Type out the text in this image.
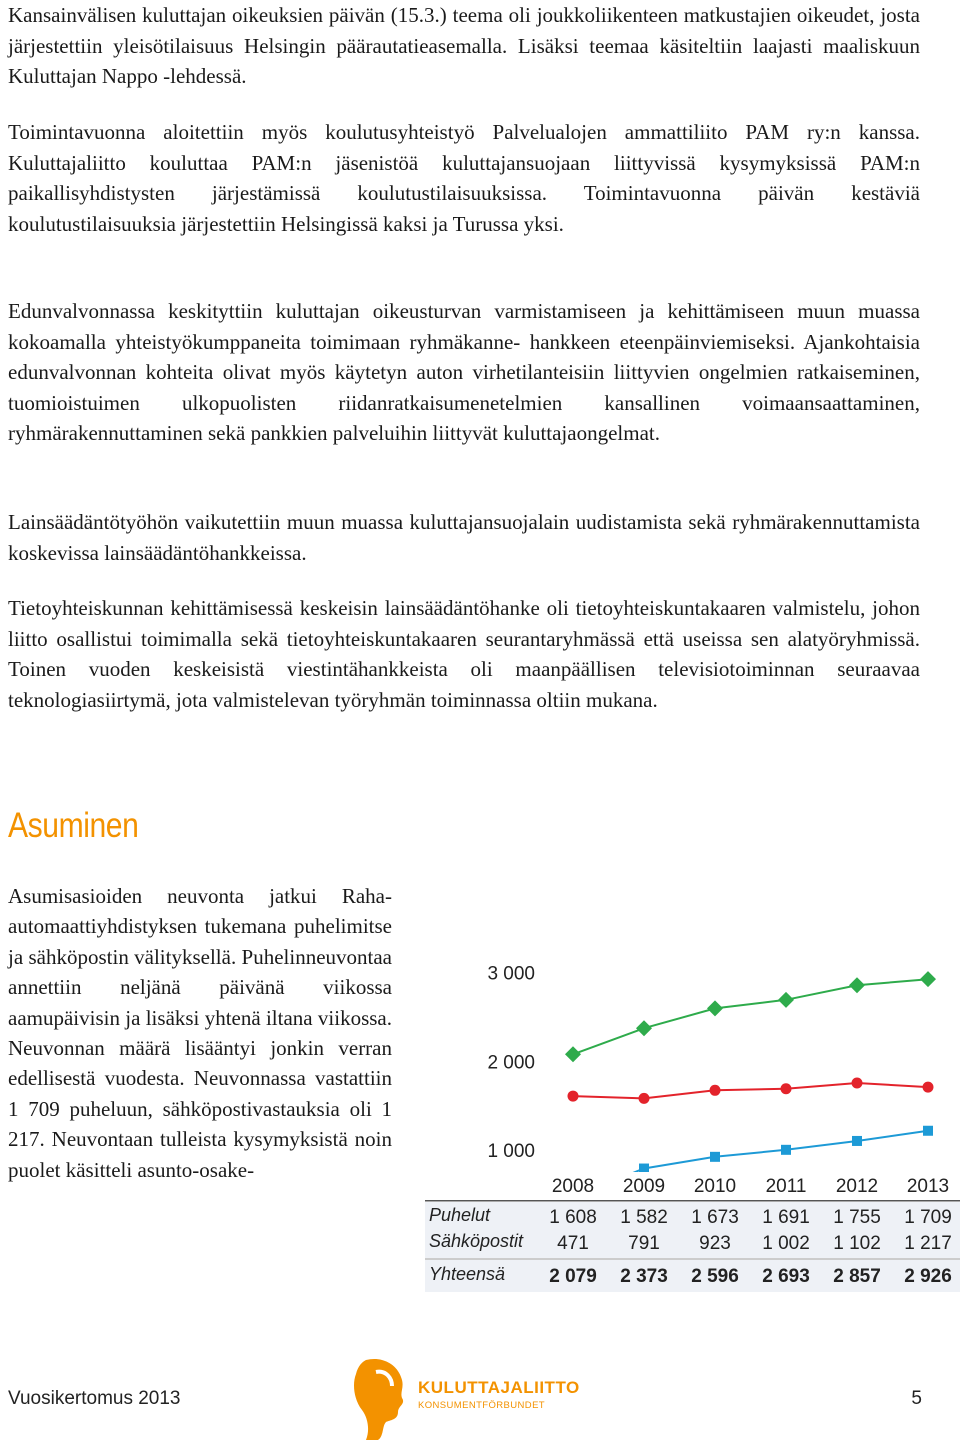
Kansainvälisen kuluttajan oikeuksien päivän (15.3.) teema oli joukkoliikenteen matkustajien oikeudet, josta järjestettiin yleisötilaisuus Helsingin päärautatieasemalla. Lisäksi teemaa käsiteltiin laajasti maaliskuun Kuluttajan Nappo -lehdessä.

Toimintavuonna aloitettiin myös koulutusyhteistyö Palvelualojen ammattiliito PAM ry:n kanssa. Kuluttajaliitto kouluttaa PAM:n jäsenistöä kuluttajansuojaan liittyvissä kysymyksissä PAM:n paikallisyhdistysten järjestämissä koulutustilaisuuksissa. Toimintavuonna päivän kestäviä koulutustilaisuuksia järjestettiin Helsingissä kaksi ja Turussa yksi.

Edunvalvonnassa keskityttiin kuluttajan oikeusturvan varmistamiseen ja kehittämiseen muun muassa kokoamalla yhteistyökumppaneita toimimaan ryhmäkanne- hankkeen eteenpäinviemiseksi. Ajankohtaisia edunvalvonnan kohteita olivat myös käytetyn auton virhetilanteisiin liittyvien ongelmien ratkaiseminen, tuomioistuimen ulkopuolisten riidanratkaisumenetelmien kansallinen voimaansaattaminen, ryhmärakennuttaminen sekä pankkien palveluihin liittyvät kuluttajaongelmat.

Lainsäädäntötyöhön vaikutettiin muun muassa kuluttajansuojalain uudistamista sekä ryhmärakennuttamista koskevissa lainsäädäntöhankkeissa.

Tietoyhteiskunnan kehittämisessä keskeisin lainsäädäntöhanke oli tietoyhteiskuntakaaren valmistelu, johon liitto osallistui toimimalla sekä tietoyhteiskuntakaaren seurantaryhmässä että useissa sen alatyöryhmissä. Toinen vuoden keskeisistä viestintähankkeista oli maanpäällisen televisiotoiminnan seuraavaa teknologiasiirtymä, jota valmistelevan työryhmän toiminnassa oltiin mukana.

Asuminen

Asumisasioiden neuvonta jatkui Raha-automaattiyhdistyksen tukemana puhelimitse ja sähköpostin välityksellä. Puhelinneuvontaa annettiin neljänä päivänä viikossa aamupäivisin ja lisäksi yhtenä iltana viikossa. Neuvonnan määrä lisääntyi jonkin verran edellisestä vuodesta. Neuvonnassa vastattiin 1 709 puheluun, sähköpostivastauksia oli 1 217. Neuvontaan tulleista kysymyksistä noin puolet käsitteli asunto-osake-

3 000
2 000
1 000
2008 2009 2010 2011 2012 2013
Puhelut
Sähköpostit
Yhteensä
1 608 1 582 1 673 1 691 1 755 1 709
471 791 923 1 002 1 102 1 217
2 079 2 373 2 596 2 693 2 857 2 926
Vuosikertomus 2013
KULUTTAJALIITTO
KONSUMENTFÖRBUNDET	5
